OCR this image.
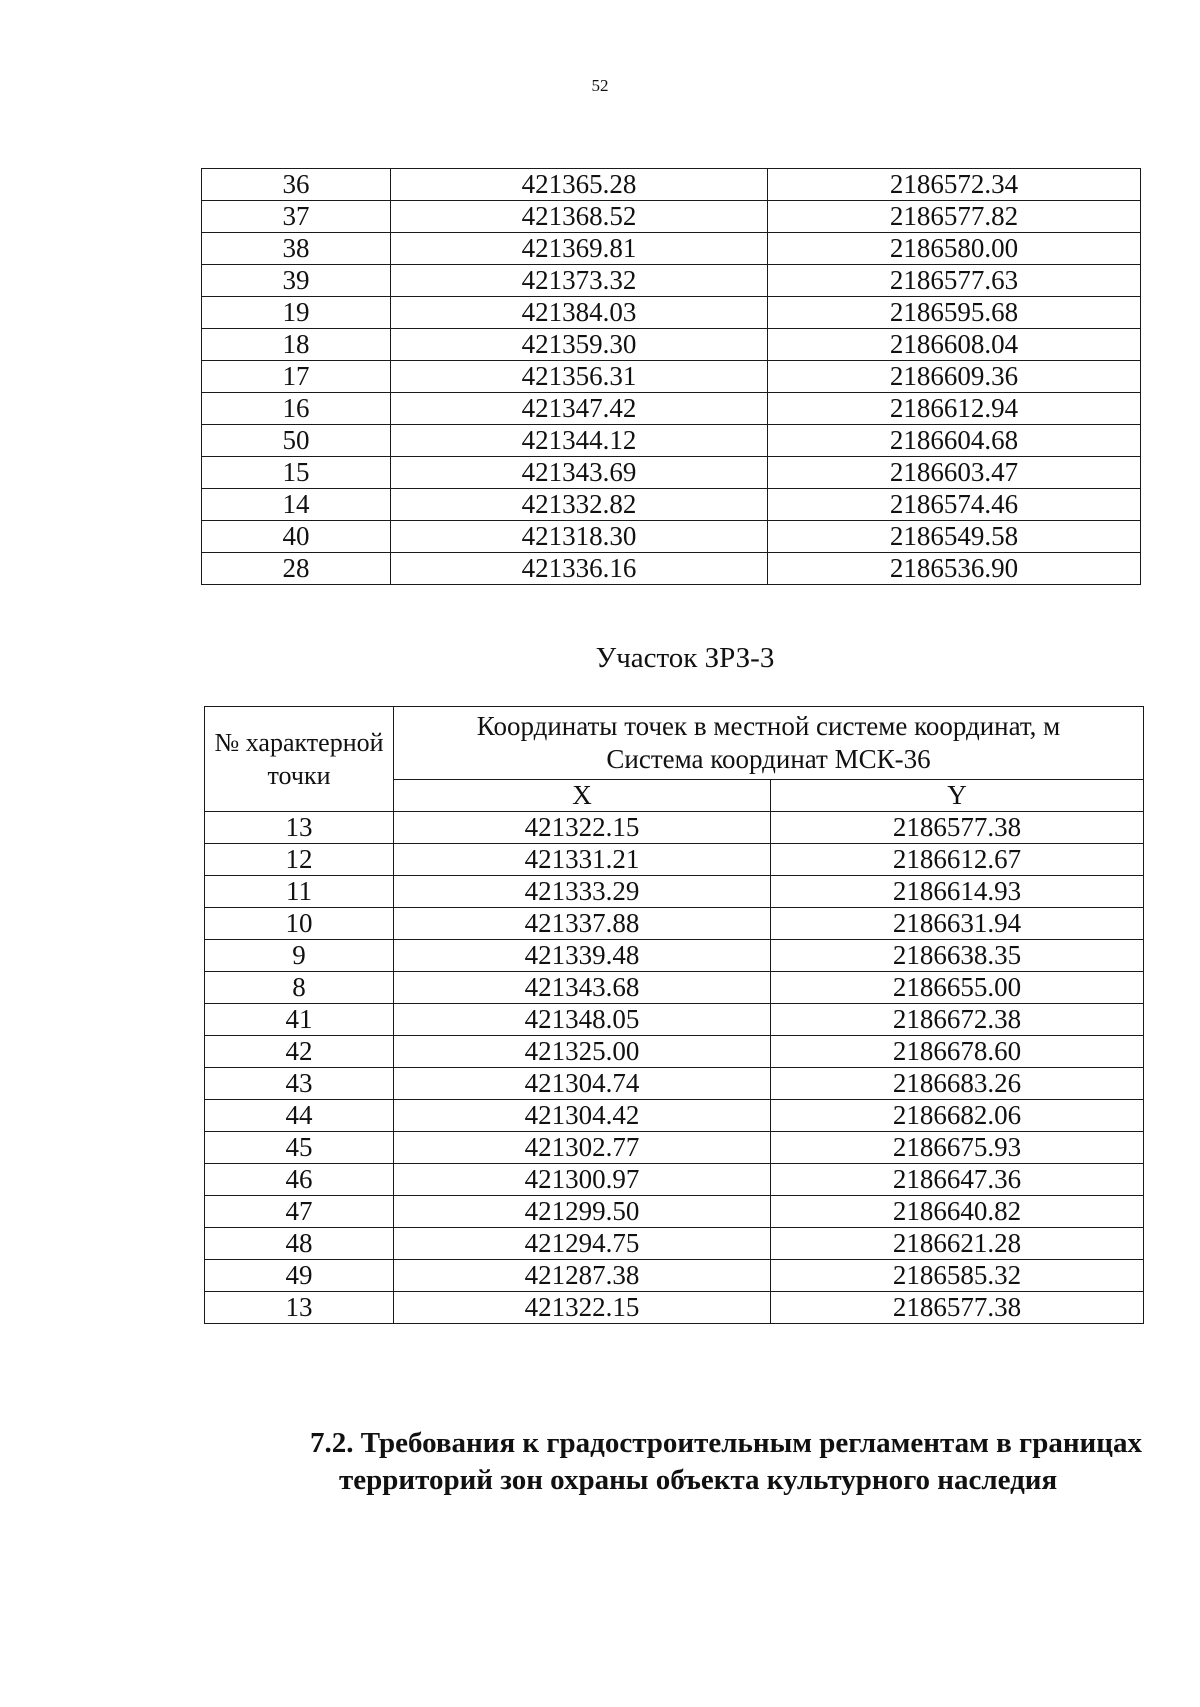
52
36	421365.28	2186572.34
37	421368.52	2186577.82
38	421369.81	2186580.00
39	421373.32	2186577.63
19	421384.03	2186595.68
18	421359.30	2186608.04
17	421356.31	2186609.36
16	421347.42	2186612.94
50	421344.12	2186604.68
15	421343.69	2186603.47
14	421332.82	2186574.46
40	421318.30	2186549.58
28	421336.16	2186536.90
Участок ЗРЗ-3
№ характерной точки	Координаты точек в местной системе координат, м
Система координат МСК-36	
	X	Y
13	421322.15	2186577.38
12	421331.21	2186612.67
11	421333.29	2186614.93
10	421337.88	2186631.94
9	421339.48	2186638.35
8	421343.68	2186655.00
41	421348.05	2186672.38
42	421325.00	2186678.60
43	421304.74	2186683.26
44	421304.42	2186682.06
45	421302.77	2186675.93
46	421300.97	2186647.36
47	421299.50	2186640.82
48	421294.75	2186621.28
49	421287.38	2186585.32
13	421322.15	2186577.38
7.2. Требования к градостроительным регламентам в границах
территорий зон охраны объекта культурного наследия
